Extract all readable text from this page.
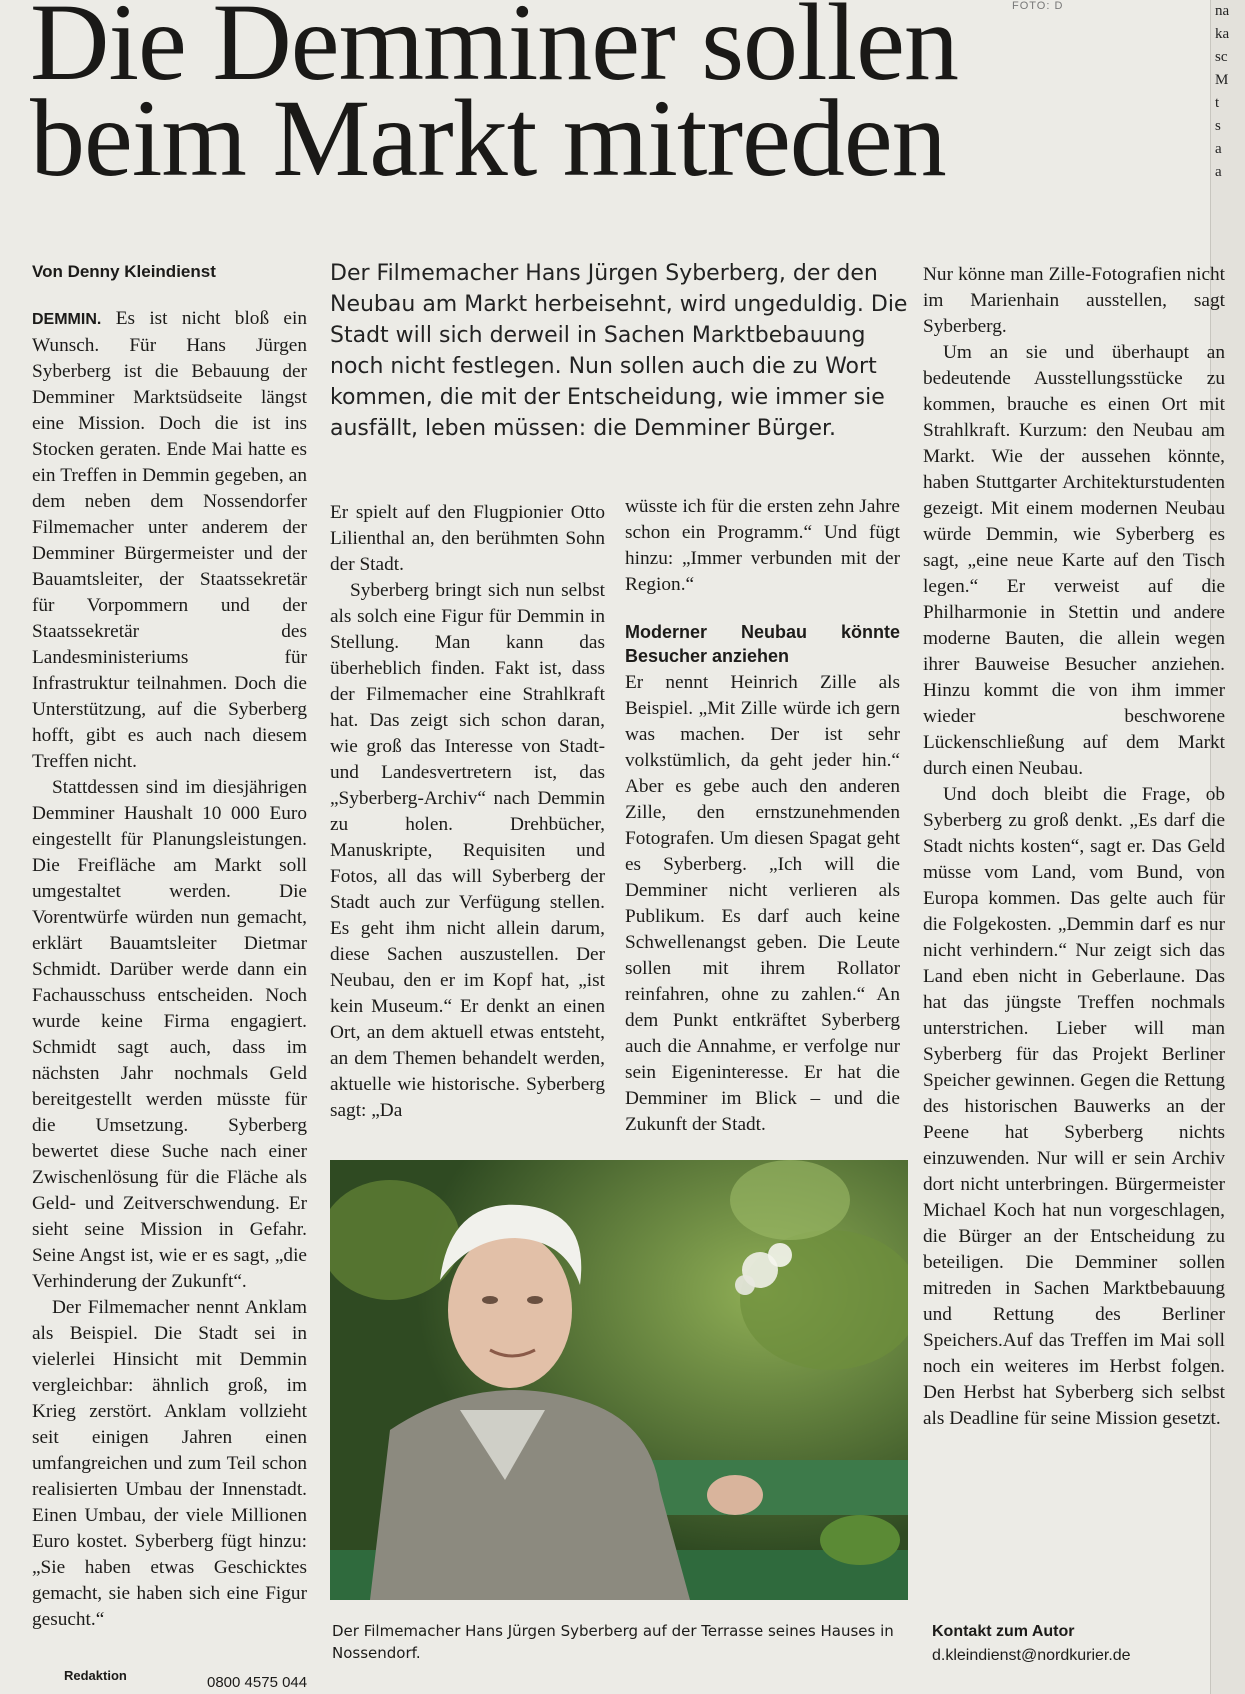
FOTO: D	na
ka
sc
M
t
s
a
a
Die Demminer sollen beim Markt mitreden
Von Denny Kleindienst	Der Filmemacher Hans Jürgen Syberberg, der den Neubau am Markt herbeisehnt, wird ungeduldig. Die Stadt will sich derweil in Sachen Marktbebauung noch nicht festlegen. Nun sollen auch die zu Wort kommen, die mit der Entscheidung, wie immer sie ausfällt, leben müssen: die Demminer Bürger.

DEMMIN. Es ist nicht bloß ein Wunsch. Für Hans Jürgen Syberberg ist die Bebauung der Demminer Marktsüdseite längst eine Mission. Doch die ist ins Stocken geraten. Ende Mai hatte es ein Treffen in Demmin gegeben, an dem neben dem Nossendorfer Filmemacher unter anderem der Demminer Bürgermeister und der Bauamtsleiter, der Staatssekretär für Vorpommern und der Staatssekretär des Landesministeriums für Infrastruktur teilnahmen. Doch die Unterstützung, auf die Syberberg hofft, gibt es auch nach diesem Treffen nicht.

Stattdessen sind im diesjährigen Demminer Haushalt 10 000 Euro eingestellt für Planungsleistungen. Die Freifläche am Markt soll umgestaltet werden. Die Vorentwürfe würden nun gemacht, erklärt Bauamtsleiter Dietmar Schmidt. Darüber werde dann ein Fachausschuss entscheiden. Noch wurde keine Firma engagiert. Schmidt sagt auch, dass im nächsten Jahr nochmals Geld bereitgestellt werden müsste für die Umsetzung. Syberberg bewertet diese Suche nach einer Zwischenlösung für die Fläche als Geld- und Zeitverschwendung. Er sieht seine Mission in Gefahr. Seine Angst ist, wie er es sagt, „die Verhinderung der Zukunft“.

Der Filmemacher nennt Anklam als Beispiel. Die Stadt sei in vielerlei Hinsicht mit Demmin vergleichbar: ähnlich groß, im Krieg zerstört. Anklam vollzieht seit einigen Jahren einen umfangreichen und zum Teil schon realisierten Umbau der Innenstadt. Einen Umbau, der viele Millionen Euro kostet. Syberberg fügt hinzu: „Sie haben etwas Geschicktes gemacht, sie haben sich eine Figur gesucht.“

Er spielt auf den Flugpionier Otto Lilienthal an, den berühmten Sohn der Stadt.

Syberberg bringt sich nun selbst als solch eine Figur für Demmin in Stellung. Man kann das überheblich finden. Fakt ist, dass der Filmemacher eine Strahlkraft hat. Das zeigt sich schon daran, wie groß das Interesse von Stadt- und Landesvertretern ist, das „Syberberg-Archiv“ nach Demmin zu holen. Drehbücher, Manuskripte, Requisiten und Fotos, all das will Syberberg der Stadt auch zur Verfügung stellen. Es geht ihm nicht allein darum, diese Sachen auszustellen. Der Neubau, den er im Kopf hat, „ist kein Museum.“ Er denkt an einen Ort, an dem aktuell etwas entsteht, an dem Themen behandelt werden, aktuelle wie historische. Syberberg sagt: „Da

wüsste ich für die ersten zehn Jahre schon ein Programm.“ Und fügt hinzu: „Immer verbunden mit der Region.“

Moderner Neubau könnte Besucher anziehen

Er nennt Heinrich Zille als Beispiel. „Mit Zille würde ich gern was machen. Der ist sehr volkstümlich, da geht jeder hin.“ Aber es gebe auch den anderen Zille, den ernstzunehmenden Fotografen. Um diesen Spagat geht es Syberberg. „Ich will die Demminer nicht verlieren als Publikum. Es darf auch keine Schwellenangst geben. Die Leute sollen mit ihrem Rollator reinfahren, ohne zu zahlen.“ An dem Punkt entkräftet Syberberg auch die Annahme, er verfolge nur sein Eigeninteresse. Er hat die Demminer im Blick – und die Zukunft der Stadt.

Nur könne man Zille-Fotografien nicht im Marienhain ausstellen, sagt Syberberg.

Um an sie und überhaupt an bedeutende Ausstellungsstücke zu kommen, brauche es einen Ort mit Strahlkraft. Kurzum: den Neubau am Markt. Wie der aussehen könnte, haben Stuttgarter Architekturstudenten gezeigt. Mit einem modernen Neubau würde Demmin, wie Syberberg es sagt, „eine neue Karte auf den Tisch legen.“ Er verweist auf die Philharmonie in Stettin und andere moderne Bauten, die allein wegen ihrer Bauweise Besucher anziehen. Hinzu kommt die von ihm immer wieder beschworene Lückenschließung auf dem Markt durch einen Neubau.

Und doch bleibt die Frage, ob Syberberg zu groß denkt. „Es darf die Stadt nichts kosten“, sagt er. Das Geld müsse vom Land, vom Bund, von Europa kommen. Das gelte auch für die Folgekosten. „Demmin darf es nur nicht verhindern.“ Nur zeigt sich das Land eben nicht in Geberlaune. Das hat das jüngste Treffen nochmals unterstrichen. Lieber will man Syberberg für das Projekt Berliner Speicher gewinnen. Gegen die Rettung des historischen Bauwerks an der Peene hat Syberberg nichts einzuwenden. Nur will er sein Archiv dort nicht unterbringen. Bürgermeister Michael Koch hat nun vorgeschlagen, die Bürger an der Entscheidung zu beteiligen. Die Demminer sollen mitreden in Sachen Marktbebauung und Rettung des Berliner Speichers.Auf das Treffen im Mai soll noch ein weiteres im Herbst folgen. Den Herbst hat Syberberg sich selbst als Deadline für seine Mission gesetzt.

Der Filmemacher Hans Jürgen Syberberg auf der Terrasse seines Hauses in Nossendorf.
Kontakt zum Autor
d.kleindienst@nordkurier.de
Redaktion	0800 4575 044
